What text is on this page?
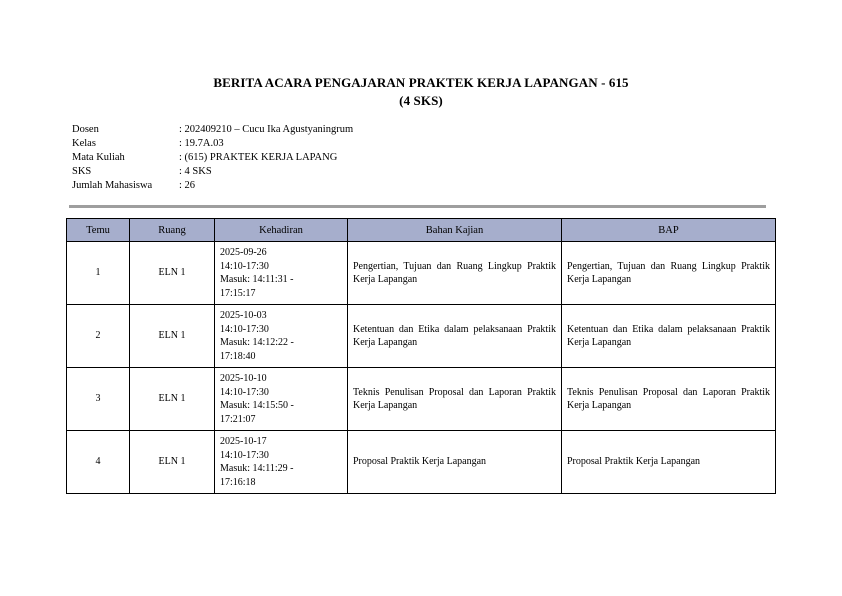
BERITA ACARA PENGAJARAN PRAKTEK KERJA LAPANGAN - 615
(4 SKS)
Dosen	: 202409210 – Cucu Ika Agustyaningrum
Kelas	: 19.7A.03
Mata Kuliah	: (615) PRAKTEK KERJA LAPANG
SKS	: 4 SKS
Jumlah Mahasiswa	: 26
Temu	Ruang	Kehadiran	Bahan Kajian	BAP
1	ELN 1	2025-09-26
14:10-17:30
Masuk: 14:11:31 -
17:15:17	Pengertian, Tujuan dan Ruang Lingkup Praktik Kerja Lapangan	Pengertian, Tujuan dan Ruang Lingkup Praktik Kerja Lapangan
2	ELN 1	2025-10-03
14:10-17:30
Masuk: 14:12:22 -
17:18:40	Ketentuan dan Etika dalam pelaksanaan Praktik Kerja Lapangan	Ketentuan dan Etika dalam pelaksanaan Praktik Kerja Lapangan
3	ELN 1	2025-10-10
14:10-17:30
Masuk: 14:15:50 -
17:21:07	Teknis Penulisan Proposal dan Laporan Praktik Kerja Lapangan	Teknis Penulisan Proposal dan Laporan Praktik Kerja Lapangan
4	ELN 1	2025-10-17
14:10-17:30
Masuk: 14:11:29 -
17:16:18	Proposal Praktik Kerja Lapangan	Proposal Praktik Kerja Lapangan
